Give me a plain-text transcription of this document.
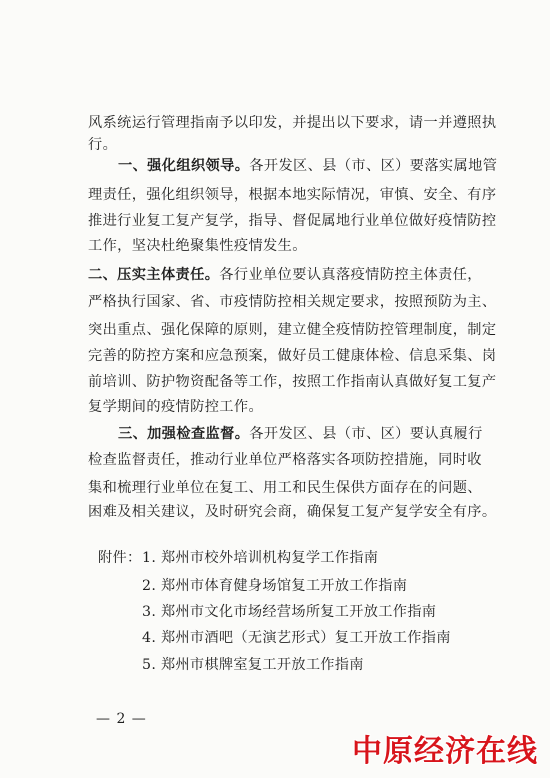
风系统运行管理指南予以印发，并提出以下要求，请一并遵照执
行。
一、强化组织领导。各开发区、县（市、区）要落实属地管
理责任，强化组织领导，根据本地实际情况，审慎、安全、有序
推进行业复工复产复学，指导、督促属地行业单位做好疫情防控
工作，坚决杜绝聚集性疫情发生。
二、压实主体责任。各行业单位要认真落疫情防控主体责任，
严格执行国家、省、市疫情防控相关规定要求，按照预防为主、
突出重点、强化保障的原则，建立健全疫情防控管理制度，制定
完善的防控方案和应急预案，做好员工健康体检、信息采集、岗
前培训、防护物资配备等工作，按照工作指南认真做好复工复产
复学期间的疫情防控工作。
三、加强检查监督。各开发区、县（市、区）要认真履行
检查监督责任，推动行业单位严格落实各项防控措施，同时收
集和梳理行业单位在复工、用工和民生保供方面存在的问题、
困难及相关建议，及时研究会商，确保复工复产复学安全有序。
附件： 1. 郑州市校外培训机构复学工作指南
2. 郑州市体育健身场馆复工开放工作指南
3. 郑州市文化市场经营场所复工开放工作指南
4. 郑州市酒吧（无演艺形式）复工开放工作指南
5. 郑州市棋牌室复工开放工作指南
— 2 —
中原经济在线
